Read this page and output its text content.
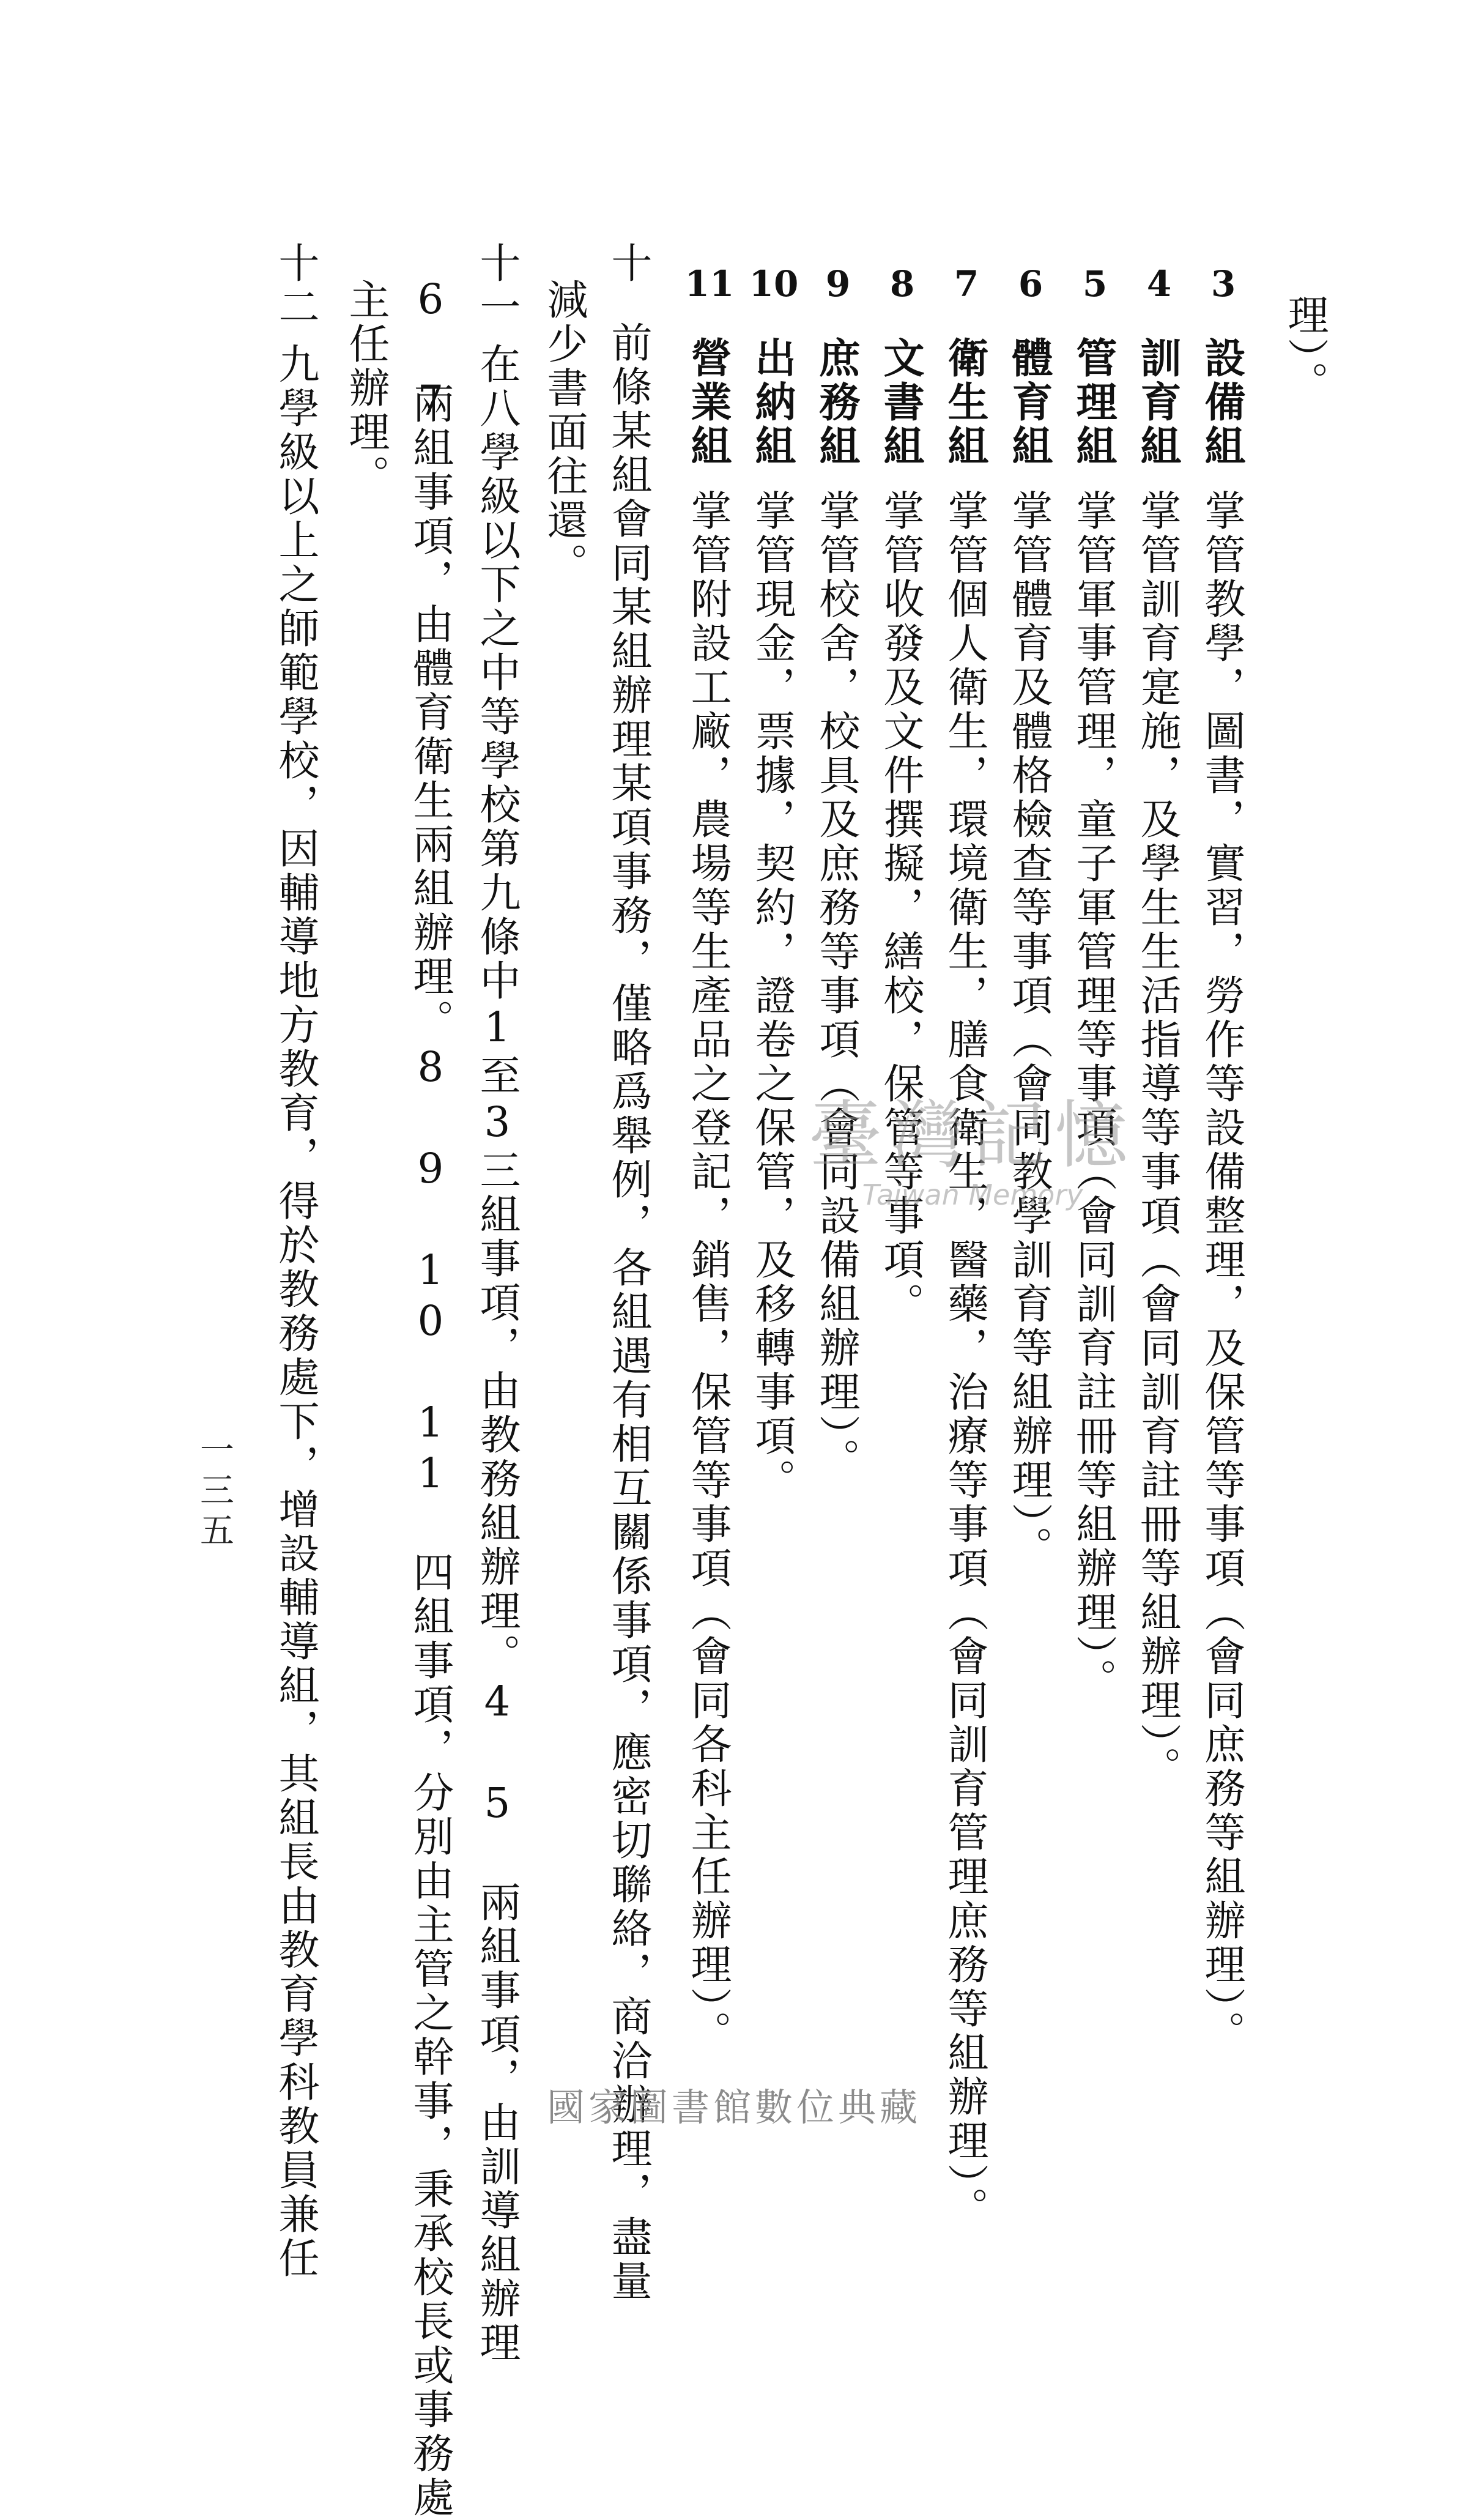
理）。
3
設備組
掌管教學，圖書，實習，勞作等設備整理，及保管等事項（會同庶務等組辦理）。
4
訓育組
掌管訓育寔施，及學生生活指導等事項（會同訓育註冊等組辦理）。
5
管理組
掌管軍事管理，童子軍管理等事項（會同訓育註冊等組辦理）。
6
體育組
掌管體育及體格檢查等事項（會同教學訓育等組辦理）。
7
衛生組
掌管個人衛生，環境衛生，膳食衛生，醫藥，治療等事項（會同訓育管理庶務等組辦理）。
8
文書組
掌管收發及文件撰擬，繕校，保管等事項。
9
庶務組
掌管校舍，校具及庶務等事項（會同設備組辦理）。
10
出納組
掌管現金，票據，契約，證卷之保管，及移轉事項。
11
營業組
掌管附設工廠，農場等生產品之登記，銷售，保管等事項（會同各科主任辦理）。
十
前條某組會同某組辦理某項事務，僅略爲舉例，各組遇有相互關係事項，應密切聯絡，商洽辦理，盡量
減少書面往還。
十一
在八學級以下之中等學校第九條中1至3三組事項，由教務組辦理。4 5 兩組事項，由訓導組辦理
6 7
兩組事項，由體育衛生兩組辦理。8 9 10 11 四組事項，分別由主管之幹事，秉承校長或事務處
主任辦理。
十二
九學級以上之師範學校，因輔導地方教育，得於教務處下，增設輔導組，其組長由教育學科教員兼任
一三五
臺灣記憶
Taiwan Memory
國家圖書館數位典藏
